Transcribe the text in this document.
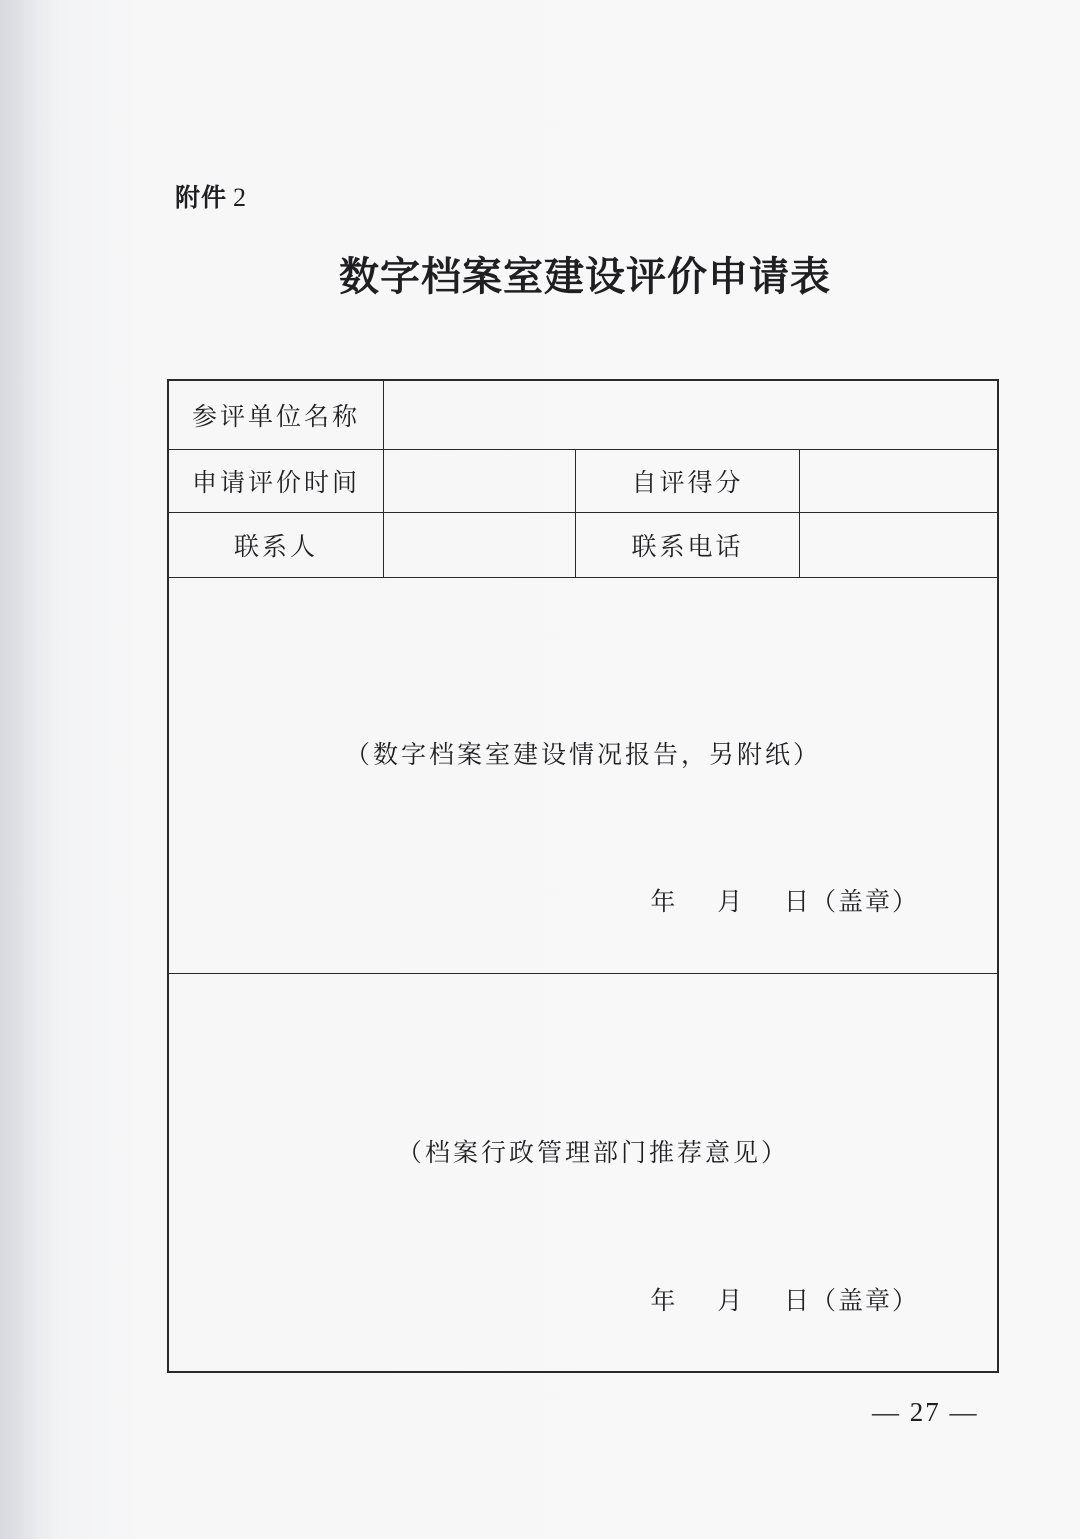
附件 2
数字档案室建设评价申请表
参评单位名称
申请评价时间	自评得分
联系人	联系电话
（数字档案室建设情况报告，另附纸）
年    月    日（盖章）
（档案行政管理部门推荐意见）
年    月    日（盖章）
— 27 —
